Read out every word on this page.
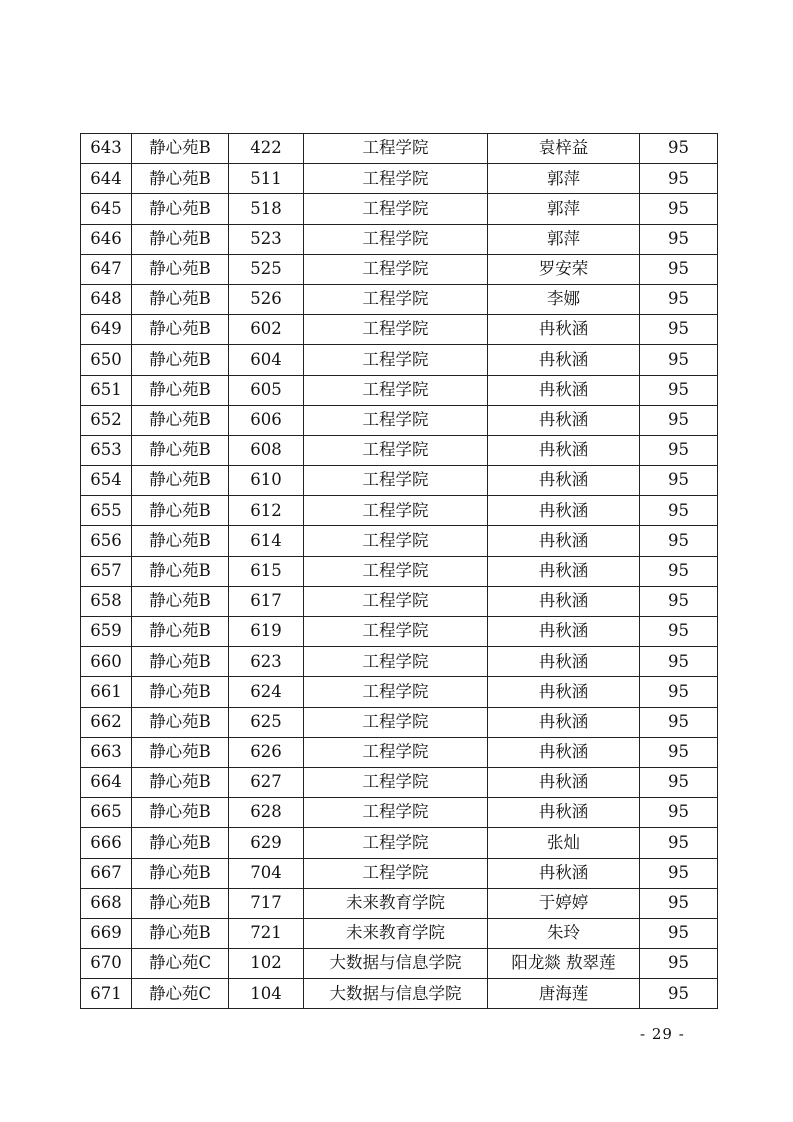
643	静心苑B	422	工程学院	袁梓益	95
644	静心苑B	511	工程学院	郭萍	95
645	静心苑B	518	工程学院	郭萍	95
646	静心苑B	523	工程学院	郭萍	95
647	静心苑B	525	工程学院	罗安荣	95
648	静心苑B	526	工程学院	李娜	95
649	静心苑B	602	工程学院	冉秋涵	95
650	静心苑B	604	工程学院	冉秋涵	95
651	静心苑B	605	工程学院	冉秋涵	95
652	静心苑B	606	工程学院	冉秋涵	95
653	静心苑B	608	工程学院	冉秋涵	95
654	静心苑B	610	工程学院	冉秋涵	95
655	静心苑B	612	工程学院	冉秋涵	95
656	静心苑B	614	工程学院	冉秋涵	95
657	静心苑B	615	工程学院	冉秋涵	95
658	静心苑B	617	工程学院	冉秋涵	95
659	静心苑B	619	工程学院	冉秋涵	95
660	静心苑B	623	工程学院	冉秋涵	95
661	静心苑B	624	工程学院	冉秋涵	95
662	静心苑B	625	工程学院	冉秋涵	95
663	静心苑B	626	工程学院	冉秋涵	95
664	静心苑B	627	工程学院	冉秋涵	95
665	静心苑B	628	工程学院	冉秋涵	95
666	静心苑B	629	工程学院	张灿	95
667	静心苑B	704	工程学院	冉秋涵	95
668	静心苑B	717	未来教育学院	于婷婷	95
669	静心苑B	721	未来教育学院	朱玲	95
670	静心苑C	102	大数据与信息学院	阳龙燚 敖翠莲	95
671	静心苑C	104	大数据与信息学院	唐海莲	95
- 29 -
